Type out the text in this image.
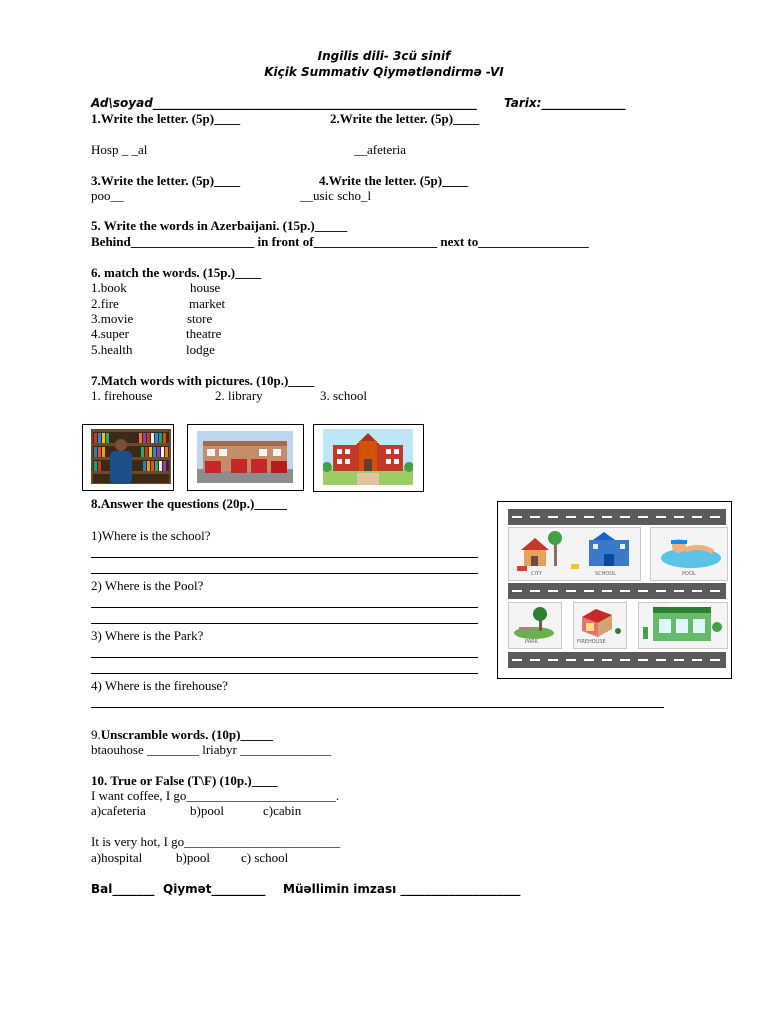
Ingilis dili- 3cü sinif
Kiçik Summativ Qiymətləndirmə -VI
Ad\soyad______________________________________________________ Tarix:______________
1.Write the letter. (5p)____	2.Write the letter. (5p)____
Hosp _ _al	__afeteria
3.Write the letter. (5p)____	4.Write the letter. (5p)____
poo__	__usic scho_l
5. Write the words in Azerbaijani. (15p.)_____
Behind___________________ in front of___________________ next to_________________
6. match the words. (15p.)____
1.book	house
2.fire	market
3.movie	store
4.super	theatre
5.health	lodge
7.Match words with pictures. (10p.)____
1. firehouse	2. library	3. school
8.Answer the questions (20p.)_____
1)Where is the school?
2) Where is the Pool?
3) Where is the Park?
4) Where is the firehouse?
CITY	SCHOOL	POOL
PARK	FIREHOUSE
POST OFFICE
9.Unscramble words. (10p)_____
btaouhose ________ lriabyr ______________
10. True or False (T\F) (10p.)____
I want coffee, I go_______________________.
a)cafeteria	b)pool	c)cabin
It is very hot, I go________________________
a)hospital	b)pool c) school
Bal_______ Qiymət_________ Müəllimin imzası ____________________
